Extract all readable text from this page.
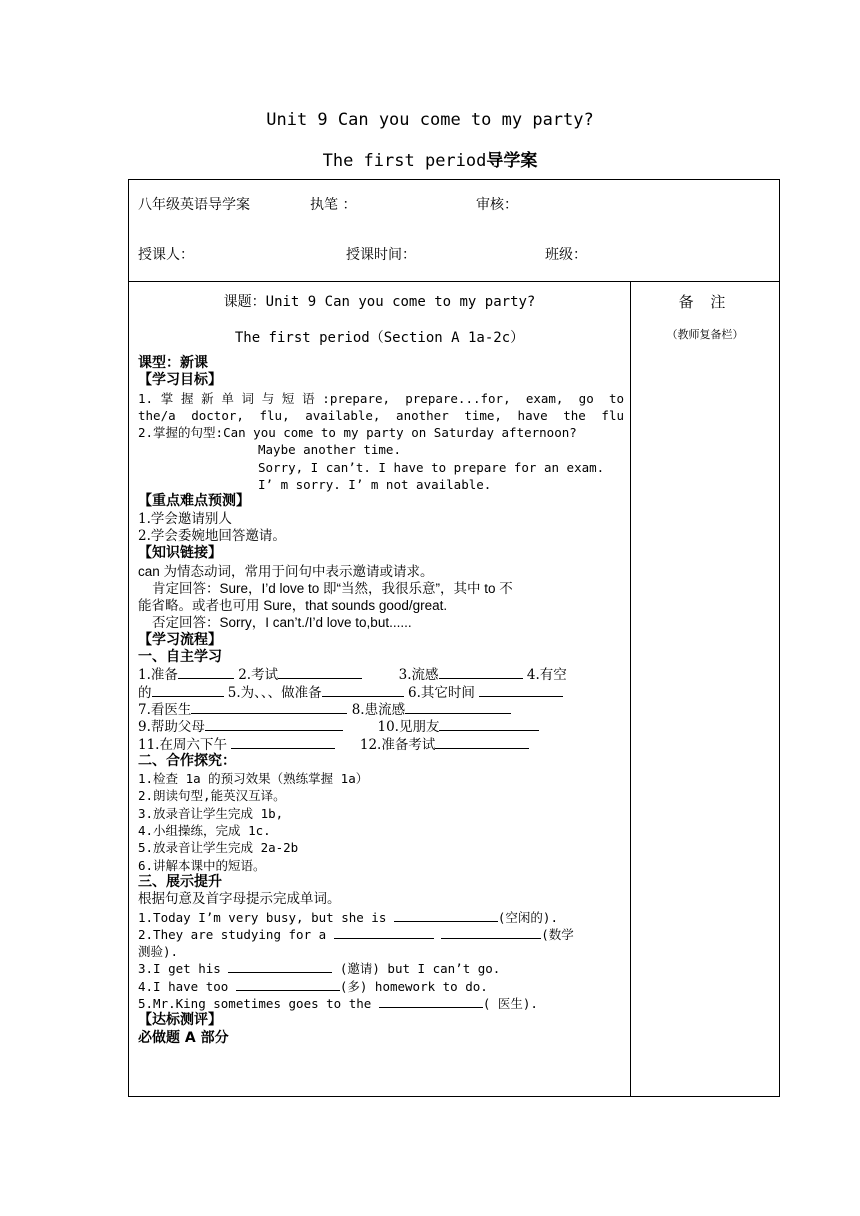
Unit 9 Can you come to my party?
The first period导学案
八年级英语导学案	执笔 ：	审核：
授课人：	授课时间：	班级：
课题：Unit 9 Can you come to my party?
The first period（Section A 1a-2c）
课型：新课
【学习目标】
1.掌握新单词与短语:prepare, prepare...for, exam, go to
the/a doctor, flu, available, another time, have the flu
2.掌握的句型:Can you come to my party on Saturday afternoon?
Maybe another time.
Sorry, I can’t. I have to prepare for an exam.
I’ m sorry. I’ m not available.
【重点难点预测】
1.学会邀请别人
2.学会委婉地回答邀请。
【知识链接】
can 为情态动词，常用于问句中表示邀请或请求。
肯定回答：Sure，I’d love to 即“当然，我很乐意”，其中 to 不
能省略。或者也可用 Sure，that sounds good/great.
否定回答：Sorry，I can’t./I’d love to,but......
【学习流程】
一、自主学习
1.准备	2.考试	3.流感	4.有空
的	5.为、、、做准备	6.其它时间
7.看医生	8.患流感
9.帮助父母	10.见朋友
11.在周六下午	12.准备考试
二、合作探究：
1.检查 1a 的预习效果（熟练掌握 1a）
2.朗读句型,能英汉互译。
3.放录音让学生完成 1b,
4.小组操练，完成 1c.
5.放录音让学生完成 2a-2b
6.讲解本课中的短语。
三、展示提升
根据句意及首字母提示完成单词。
1.Today I’m very busy, but she is	(空闲的).
2.They are studying for a	(数学
测验).
3.I get his	(邀请) but I can’t go.
4.I have too	(多) homework to do.
5.Mr.King sometimes goes to the	( 医生).
【达标测评】
必做题 A 部分
备 注
（教师复备栏）
